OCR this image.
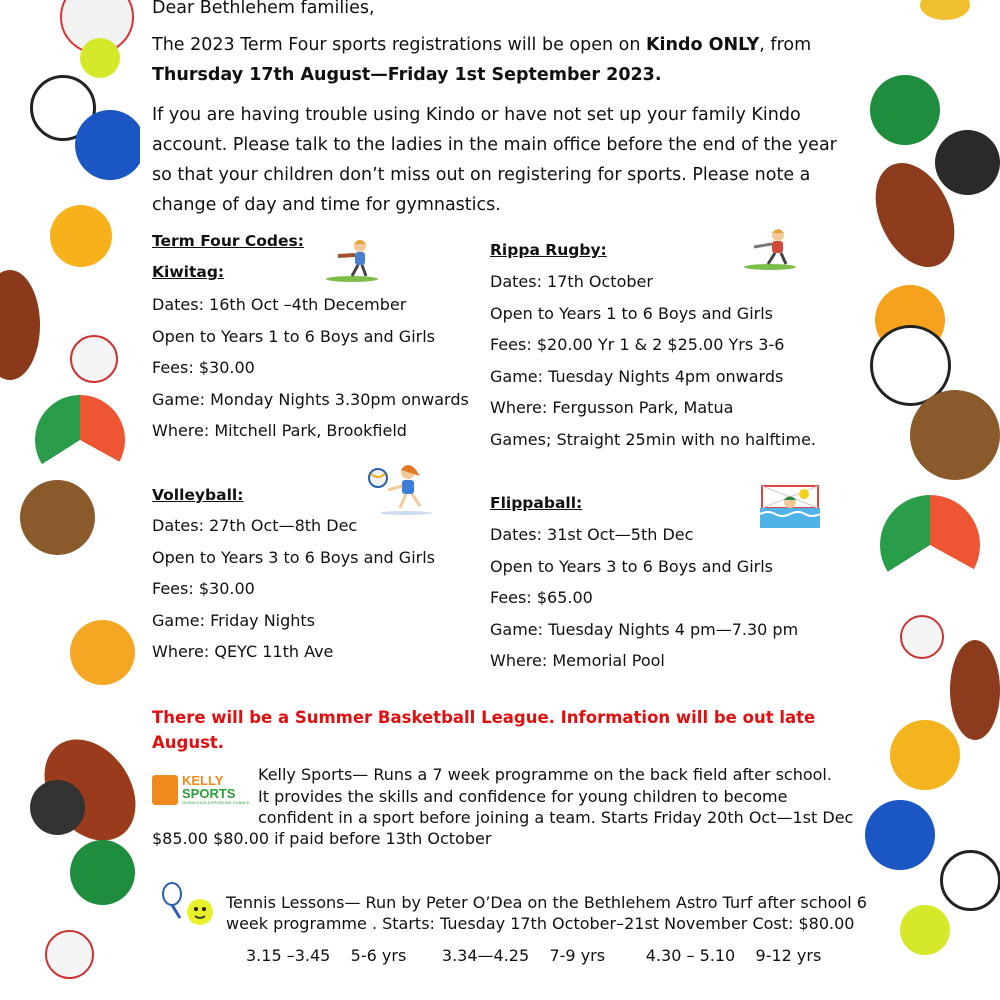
Dear Bethlehem families,
The 2023 Term Four sports registrations will be open on Kindo ONLY, from
Thursday 17th August—Friday 1st September 2023.
If you are having trouble using Kindo or have not set up your family Kindo
account. Please talk to the ladies in the main office before the end of the year
so that your children don’t miss out on registering for sports. Please note a
change of day and time for gymnastics.
Term Four Codes:
Kiwitag:
Dates: 16th Oct –4th December
Open to Years 1 to 6 Boys and Girls
Fees: $30.00
Game: Monday Nights 3.30pm onwards
Where: Mitchell Park, Brookfield
Volleyball:
Dates: 27th Oct—8th Dec
Open to Years 3 to 6 Boys and Girls
Fees: $30.00
Game: Friday Nights
Where: QEYC 11th Ave
Rippa Rugby:
Dates: 17th October
Open to Years 1 to 6 Boys and Girls
Fees: $20.00 Yr 1 & 2 $25.00 Yrs 3-6
Game: Tuesday Nights 4pm onwards
Where: Fergusson Park, Matua
Games; Straight 25min with no halftime.
Flippaball:
Dates: 31st Oct—5th Dec
Open to Years 3 to 6 Boys and Girls
Fees: $65.00
Game: Tuesday Nights 4 pm—7.30 pm
Where: Memorial Pool
There will be a Summer Basketball League. Information will be out late
August.
KELLY
SPORTS
GIVING KIDS A SPORTING CHANCE
Kelly Sports— Runs a 7 week programme on the back field after school.
It provides the skills and confidence for young children to become
confident in a sport before joining a team. Starts Friday 20th Oct—1st Dec
$85.00 $80.00 if paid before 13th October
Tennis Lessons— Run by Peter O’Dea on the Bethlehem Astro Turf after school 6
week programme . Starts: Tuesday 17th October–21st November Cost: $80.00
3.15 –3.45    5-6 yrs       3.34—4.25    7-9 yrs        4.30 – 5.10    9-12 yrs
